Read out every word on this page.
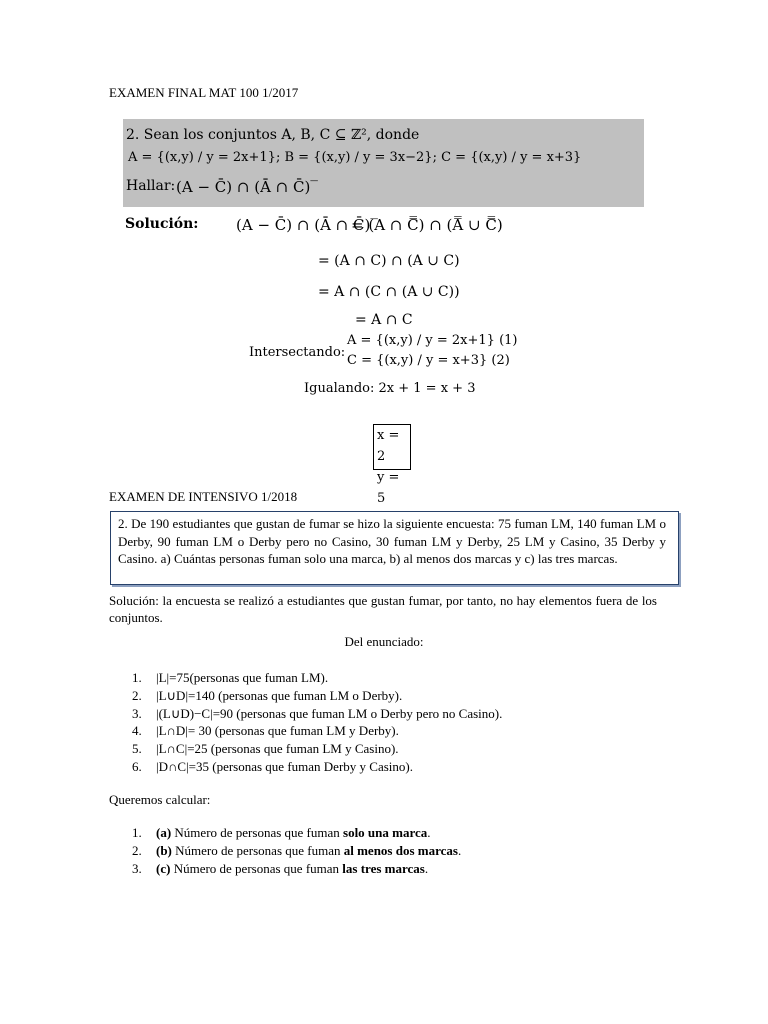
EXAMEN FINAL MAT 100 1/2017
2. Sean los conjuntos A, B, C ⊆ ℤ², donde
A = {(x,y) / y = 2x+1}; B = {(x,y) / y = 3x−2}; C = {(x,y) / y = x+3}
Hallar: (A − C̄) ∩ (Ā ∩ C̄)‾
Solución:	(A − C̄) ∩ (Ā ∩ C̄)‾
= (A ∩ C̿) ∩ (A̿ ∪ C̿)
= (A ∩ C) ∩ (A ∪ C)
= A ∩ (C ∩ (A ∪ C))
= A ∩ C
Intersectando:
A = {(x,y) / y = 2x+1} (1)
C = {(x,y) / y = x+3} (2)
Igualando: 2x + 1 = x + 3
x = 2
y = 5
EXAMEN DE INTENSIVO 1/2018
2. De 190 estudiantes que gustan de fumar se hizo la siguiente encuesta: 75 fuman LM, 140 fuman LM o Derby, 90 fuman LM o Derby pero no Casino, 30 fuman LM y Derby, 25 LM y Casino, 35 Derby y Casino. a) Cuántas personas fuman solo una marca, b) al menos dos marcas y c) las tres marcas.
Solución: la encuesta se realizó a estudiantes que gustan fumar, por tanto, no hay elementos fuera de los conjuntos.
Del enunciado:
1. |L|=75(personas que fuman LM).
2. |L∪D|=140 (personas que fuman LM o Derby).
3. |(L∪D)−C|=90 (personas que fuman LM o Derby pero no Casino).
4. |L∩D|= 30 (personas que fuman LM y Derby).
5. |L∩C|=25 (personas que fuman LM y Casino).
6. |D∩C|=35 (personas que fuman Derby y Casino).
Queremos calcular:
1. (a) Número de personas que fuman solo una marca.
2. (b) Número de personas que fuman al menos dos marcas.
3. (c) Número de personas que fuman las tres marcas.
